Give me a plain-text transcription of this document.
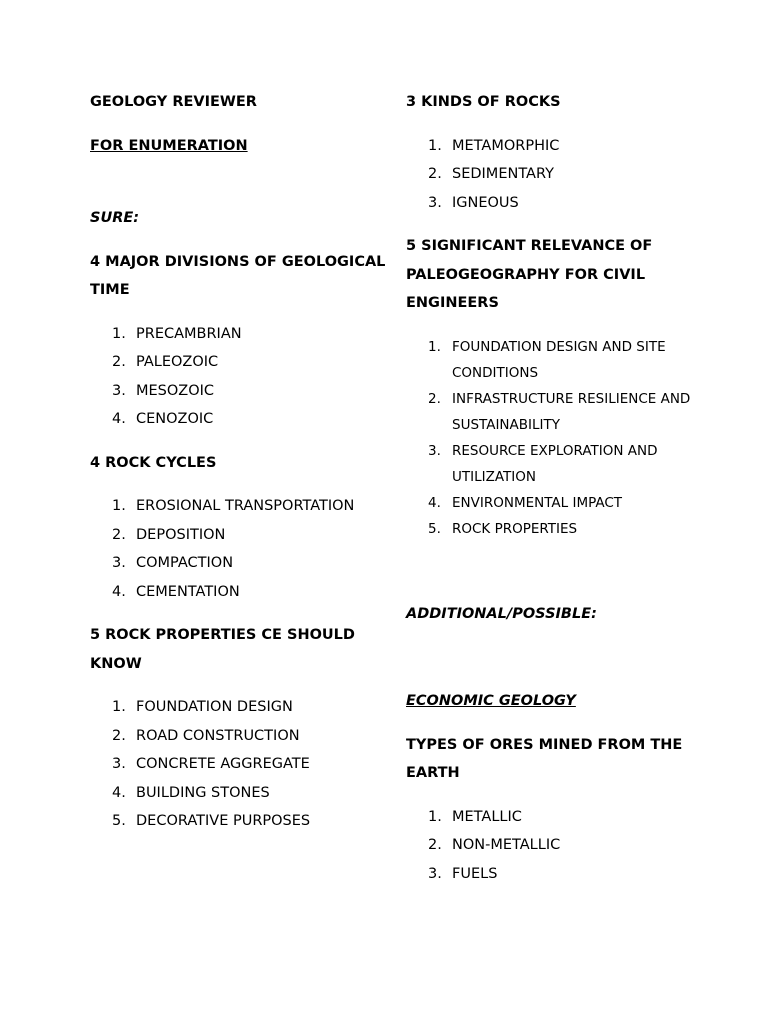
GEOLOGY REVIEWER

FOR ENUMERATION

SURE:

4 MAJOR DIVISIONS OF GEOLOGICAL TIME

1. PRECAMBRIAN
2. PALEOZOIC
3. MESOZOIC
4. CENOZOIC

4 ROCK CYCLES

1. EROSIONAL TRANSPORTATION
2. DEPOSITION
3. COMPACTION
4. CEMENTATION

5 ROCK PROPERTIES CE SHOULD KNOW

1. FOUNDATION DESIGN
2. ROAD CONSTRUCTION
3. CONCRETE AGGREGATE
4. BUILDING STONES
5. DECORATIVE PURPOSES

3 KINDS OF ROCKS

1. METAMORPHIC
2. SEDIMENTARY
3. IGNEOUS

5 SIGNIFICANT RELEVANCE OF PALEOGEOGRAPHY FOR CIVIL ENGINEERS

1. FOUNDATION DESIGN AND SITE CONDITIONS
2. INFRASTRUCTURE RESILIENCE AND SUSTAINABILITY
3. RESOURCE EXPLORATION AND UTILIZATION
4. ENVIRONMENTAL IMPACT
5. ROCK PROPERTIES

ADDITIONAL/POSSIBLE:

ECONOMIC GEOLOGY

TYPES OF ORES MINED FROM THE EARTH

1. METALLIC
2. NON-METALLIC
3. FUELS
